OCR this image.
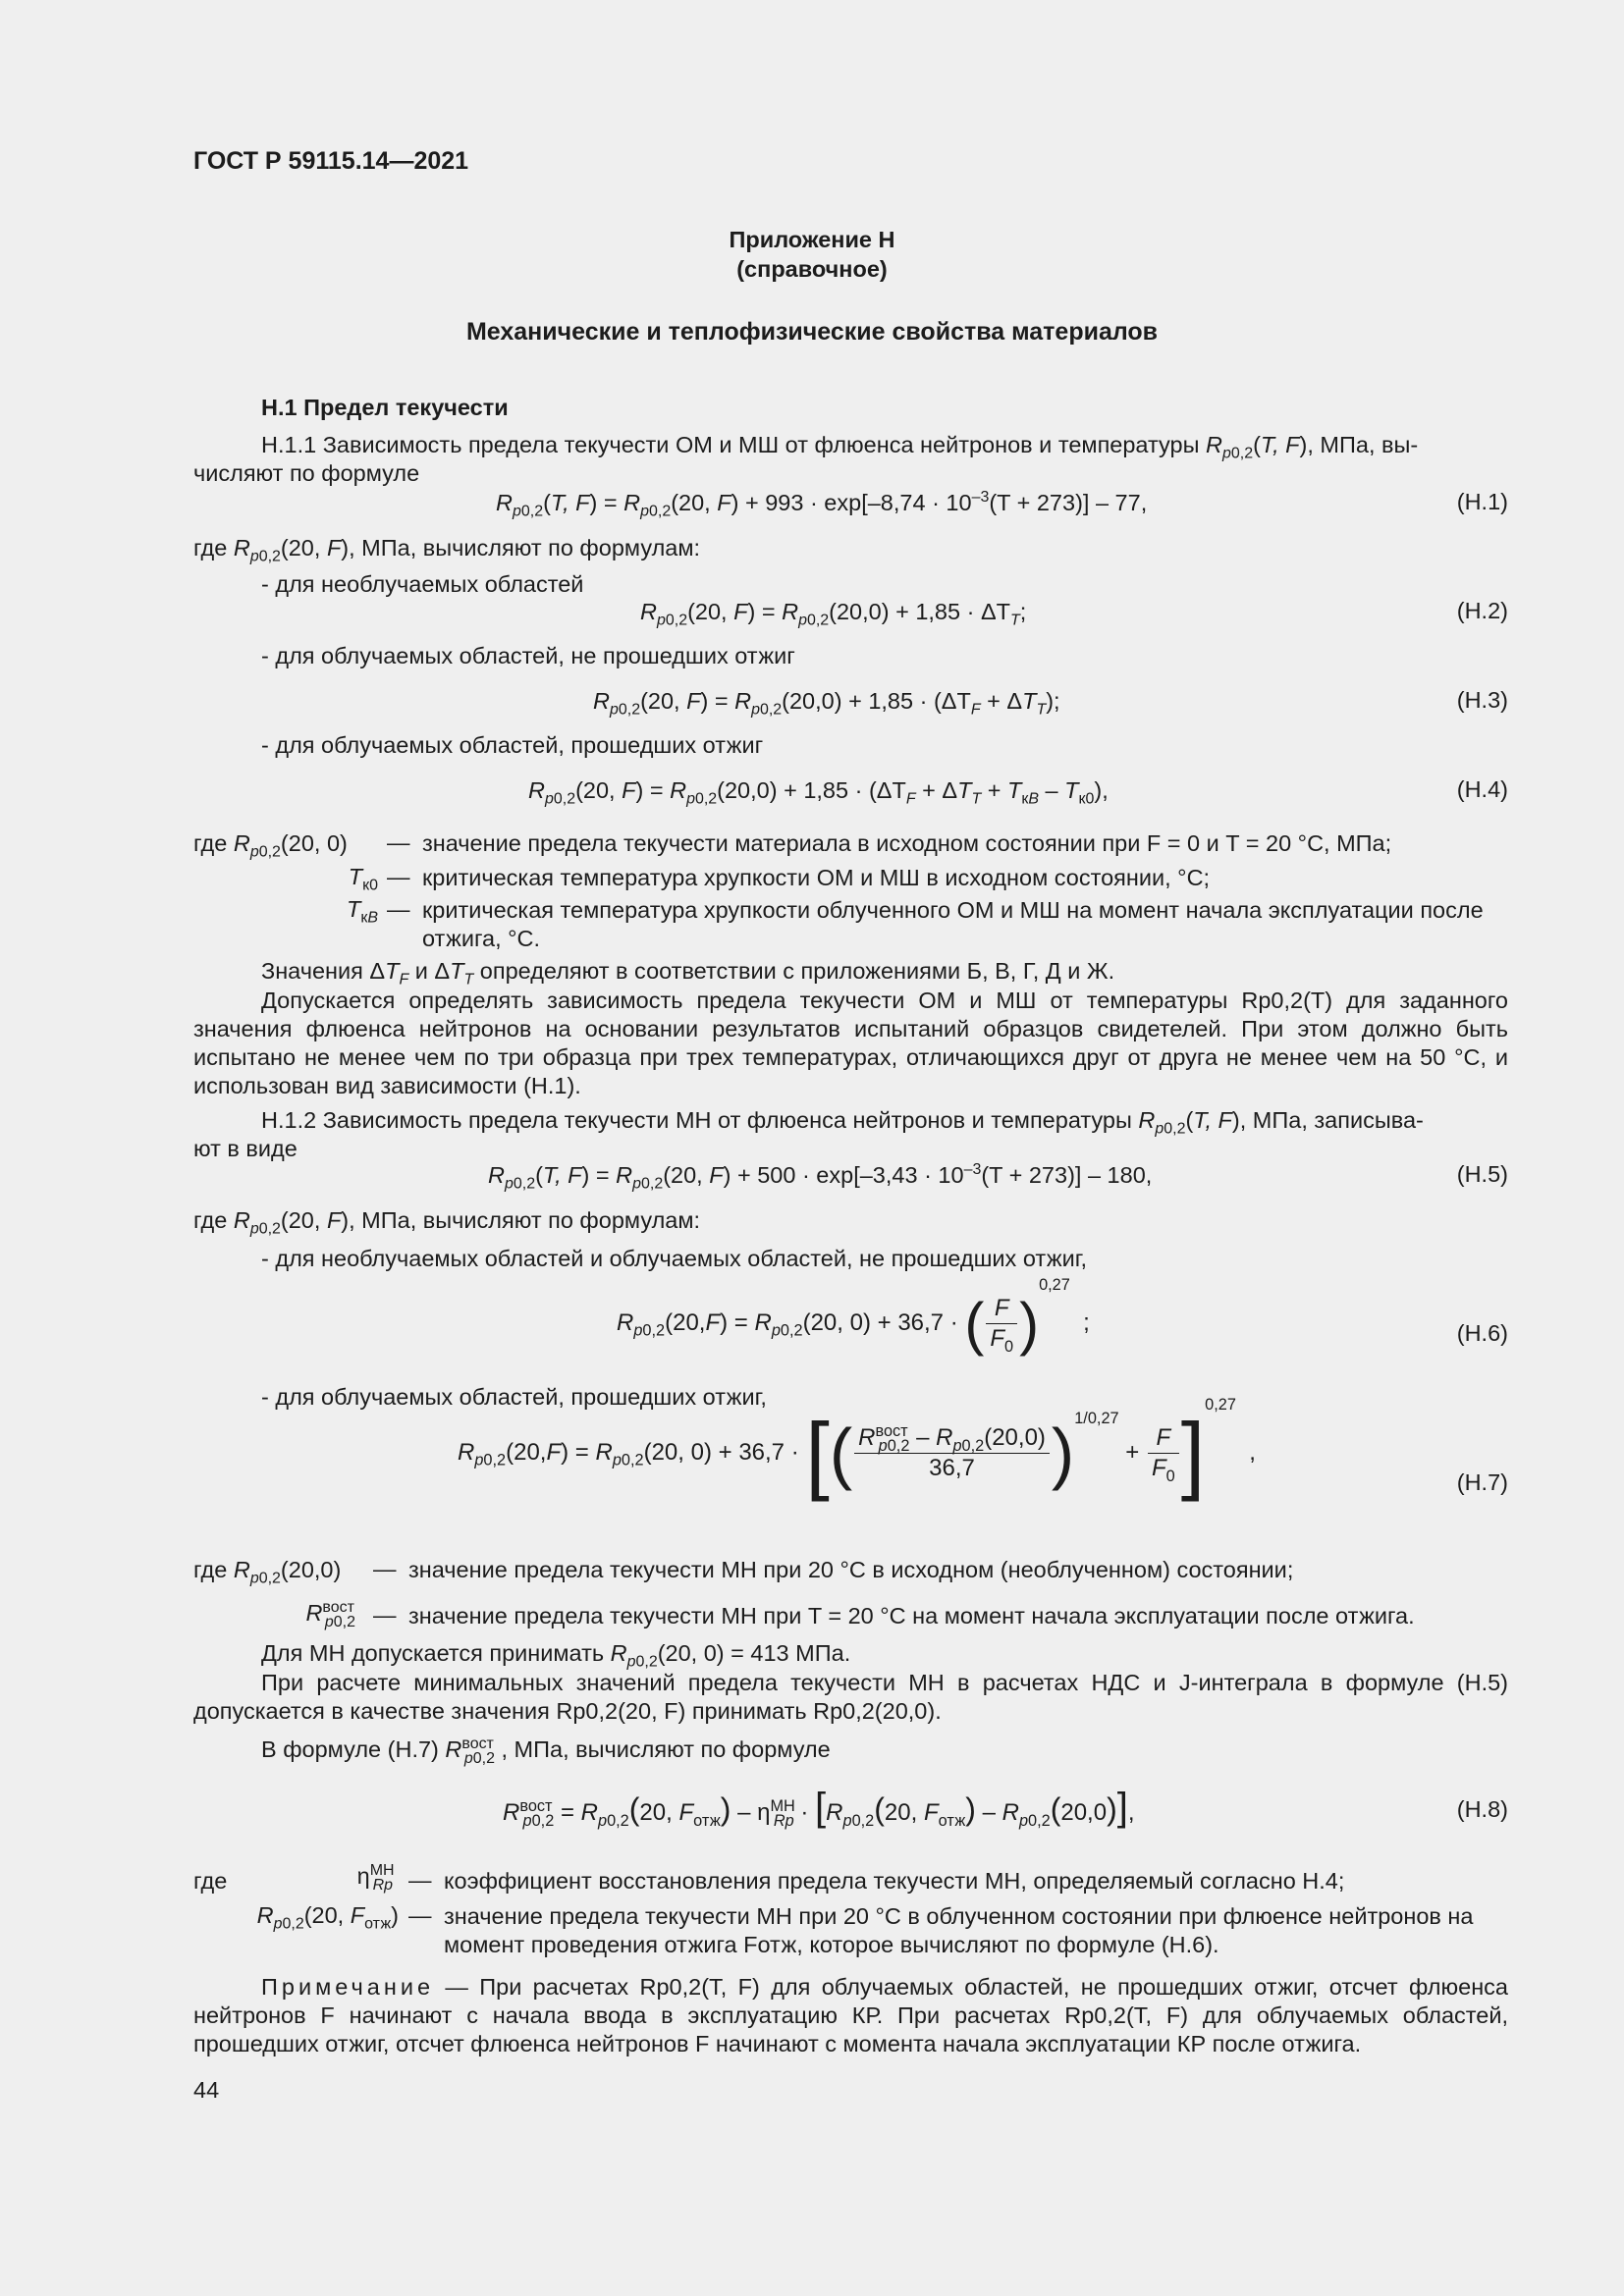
ГОСТ Р 59115.14—2021
Приложение Н
(справочное)
Механические и теплофизические свойства материалов
Н.1 Предел текучести
Н.1.1 Зависимость предела текучести ОМ и МШ от флюенса нейтронов и температуры $R_{p0,2}(T$, F), МПа, вы-
числяют по формуле
$R_{p0,2}(T$, $F) = R_{p0,2}(20$, $F) + 993 \cdot \exp[-8,74 \cdot 10^{-3}(T + 273)] - 77$,	(Н.1)
где $R_{p0,2}(20$, F), МПа, вычисляют по формулам:
- для необлучаемых областей
$R_{p0,2}(20$, $F) = R_{p0,2}(20,0) + 1,85 \cdot \Delta T_T$;	(Н.2)
- для облучаемых областей, не прошедших отжиг
$R_{p0,2}(20$, $F) = R_{p0,2}(20,0) + 1,85 \cdot (\Delta T_F + \Delta T_T)$;	(Н.3)
- для облучаемых областей, прошедших отжиг
$R_{p0,2}(20$, $F) = R_{p0,2}(20,0) + 1,85 \cdot (\Delta T_F + \Delta T_T + T_{кB} - T_{к0})$,	(Н.4)
где $R_{p0,2}(20$, 0) — значение предела текучести материала в исходном состоянии при F = 0 и T = 20 °C, МПа;
$T_{к0}$ — критическая температура хрупкости ОМ и МШ в исходном состоянии, °С;
$T_{кB}$ — критическая температура хрупкости облученного ОМ и МШ на момент начала эксплуатации после отжига, °С.
Значения $\Delta T_F$ и $\Delta T_T$ определяют в соответствии с приложениями Б, В, Г, Д и Ж.
Допускается определять зависимость предела текучести ОМ и МШ от температуры Rp0,2(T) для заданного значения флюенса нейтронов на основании результатов испытаний образцов свидетелей. При этом должно быть испытано не менее чем по три образца при трех температурах, отличающихся друг от друга не менее чем на 50 °С, и использован вид зависимости (Н.1).
Н.1.2 Зависимость предела текучести МН от флюенса нейтронов и температуры $R_{p0,2}(T$, F), МПа, записыва-
ют в виде
$R_{p0,2}(T$, $F) = R_{p0,2}(20$, $F) + 500 \cdot \exp[-3,43 \cdot 10^{-3}(T + 273)] - 180$,	(Н.5)
где $R_{p0,2}(20$, F), МПа, вычисляют по формулам:
- для необлучаемых областей и облучаемых областей, не прошедших отжиг,
$R_{p0,2}(20,F) = R_{p0,2}(20$, 0) + 36,7 · ( $\frac{F}{F_0} )^{0,27}$  ;	(Н.6)
- для облучаемых областей, прошедших отжиг,
$R_{p0,2}(20,F) = R_{p0,2}(20$, 0) + 36,7 · [( $\frac{R^{вост}_{p0,2} - R_{p0,2}(20,0)}{36,7} )^{1/0,27} + \frac{F}{F_0} ]^{0,27}$  ,
(Н.7)
где $R_{p0,2}(20,0)$ — значение предела текучести МН при 20 °С в исходном (необлученном) состоянии;
$R^{вост}_{p0,2}$ — значение предела текучести МН при T = 20 °С на момент начала эксплуатации после отжига.
Для МН допускается принимать $R_{p0,2}(20$, 0) = 413 МПа.
При расчете минимальных значений предела текучести МН в расчетах НДС и J-интеграла в формуле (Н.5) допускается в качестве значения Rp0,2(20, F) принимать Rp0,2(20,0).
В формуле (Н.7) $R^{вост}_{p0,2}$ , МПа, вычисляют по формуле
$R^{вост}_{p0,2} = R_{p0,2}(20$, $F_{отж}) - \eta^{МН}_{Rp} \cdot [R_{p0,2}(20$, $F_{отж}) - R_{p0,2}(20,0)$],	(Н.8)
где	$\eta^{МН}_{Rp}$ — коэффициент восстановления предела текучести МН, определяемый согласно Н.4;
$R_{p0,2}(20$, $F_{отж}$) — значение предела текучести МН при 20 °С в облученном состоянии при флюенсе нейтронов на момент проведения отжига Fотж, которое вычисляют по формуле (Н.6).
Примечание — При расчетах Rp0,2(T, F) для облучаемых областей, не прошедших отжиг, отсчет флюенса нейтронов F начинают с начала ввода в эксплуатацию КР. При расчетах Rp0,2(T, F) для облучаемых областей, прошедших отжиг, отсчет флюенса нейтронов F начинают с момента начала эксплуатации КР после отжига.
44
